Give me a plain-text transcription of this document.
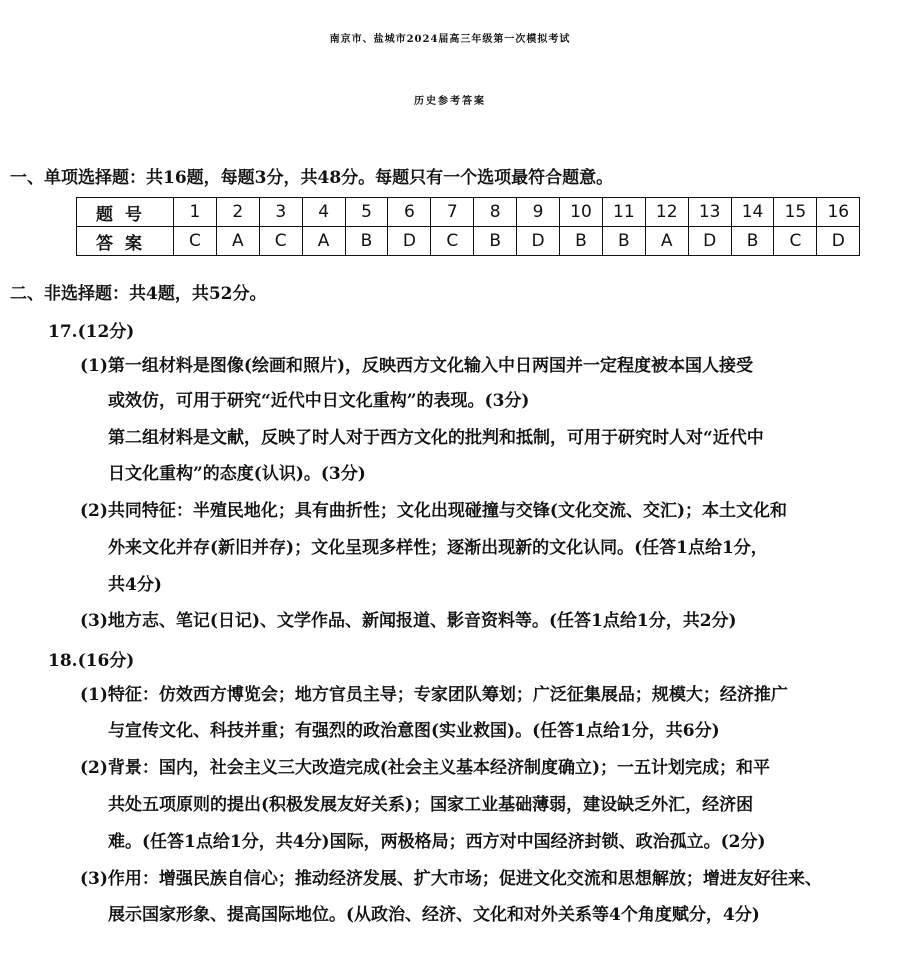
南京市、盐城市2024届高三年级第一次模拟考试
历史参考答案
一、单项选择题：共16题，每题3分，共48分。每题只有一个选项最符合题意。
题号	1	2	3	4	5	6	7	8	9	10	11	12	13	14	15	16
答案	C	A	C	A	B	D	C	B	D	B	B	A	D	B	C	D
二、非选择题：共4题，共52分。
17.(12分)
(1)第一组材料是图像(绘画和照片)，反映西方文化输入中日两国并一定程度被本国人接受
或效仿，可用于研究“近代中日文化重构”的表现。(3分)
第二组材料是文献，反映了时人对于西方文化的批判和抵制，可用于研究时人对“近代中
日文化重构”的态度(认识)。(3分)
(2)共同特征：半殖民地化；具有曲折性；文化出现碰撞与交锋(文化交流、交汇)；本土文化和
外来文化并存(新旧并存)；文化呈现多样性；逐渐出现新的文化认同。(任答1点给1分，
共4分)
(3)地方志、笔记(日记)、文学作品、新闻报道、影音资料等。(任答1点给1分，共2分)
18.(16分)
(1)特征：仿效西方博览会；地方官员主导；专家团队筹划；广泛征集展品；规模大；经济推广
与宣传文化、科技并重；有强烈的政治意图(实业救国)。(任答1点给1分，共6分)
(2)背景：国内，社会主义三大改造完成(社会主义基本经济制度确立)；一五计划完成；和平
共处五项原则的提出(积极发展友好关系)；国家工业基础薄弱，建设缺乏外汇，经济困
难。(任答1点给1分，共4分)国际，两极格局；西方对中国经济封锁、政治孤立。(2分)
(3)作用：增强民族自信心；推动经济发展、扩大市场；促进文化交流和思想解放；增进友好往来、
展示国家形象、提高国际地位。(从政治、经济、文化和对外关系等4个角度赋分，4分)
